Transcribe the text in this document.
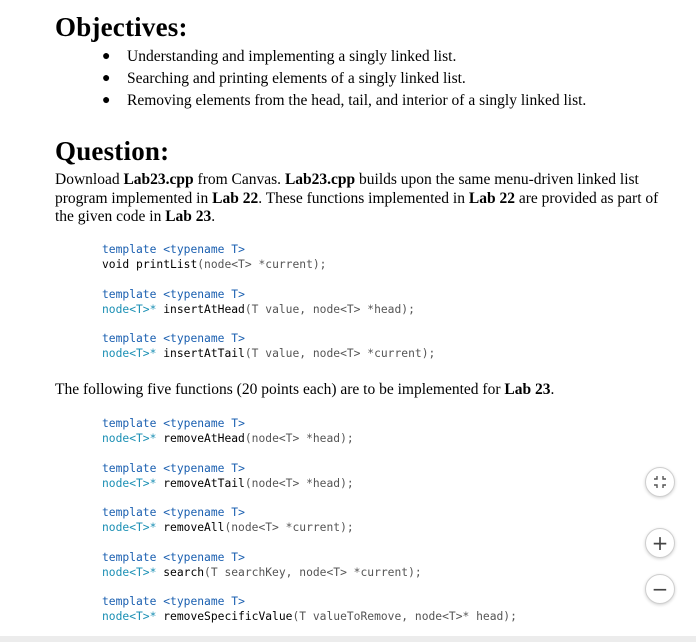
Objectives:
● Understanding and implementing a singly linked list.
● Searching and printing elements of a singly linked list.
● Removing elements from the head, tail, and interior of a singly linked list.
Question:

Download Lab23.cpp from Canvas. Lab23.cpp builds upon the same menu-driven linked list program implemented in Lab 22. These functions implemented in Lab 22 are provided as part of the given code in Lab 23.

template <typename T>
void printList(node<T> *current);
template <typename T>
node<T>* insertAtHead(T value, node<T> *head);
template <typename T>
node<T>* insertAtTail(T value, node<T> *current);

The following five functions (20 points each) are to be implemented for Lab 23.

template <typename T>
node<T>* removeAtHead(node<T> *head);
template <typename T>
node<T>* removeAtTail(node<T> *head);
template <typename T>
node<T>* removeAll(node<T> *current);
template <typename T>
node<T>* search(T searchKey, node<T> *current);
template <typename T>
node<T>* removeSpecificValue(T valueToRemove, node<T>* head);
+
−
